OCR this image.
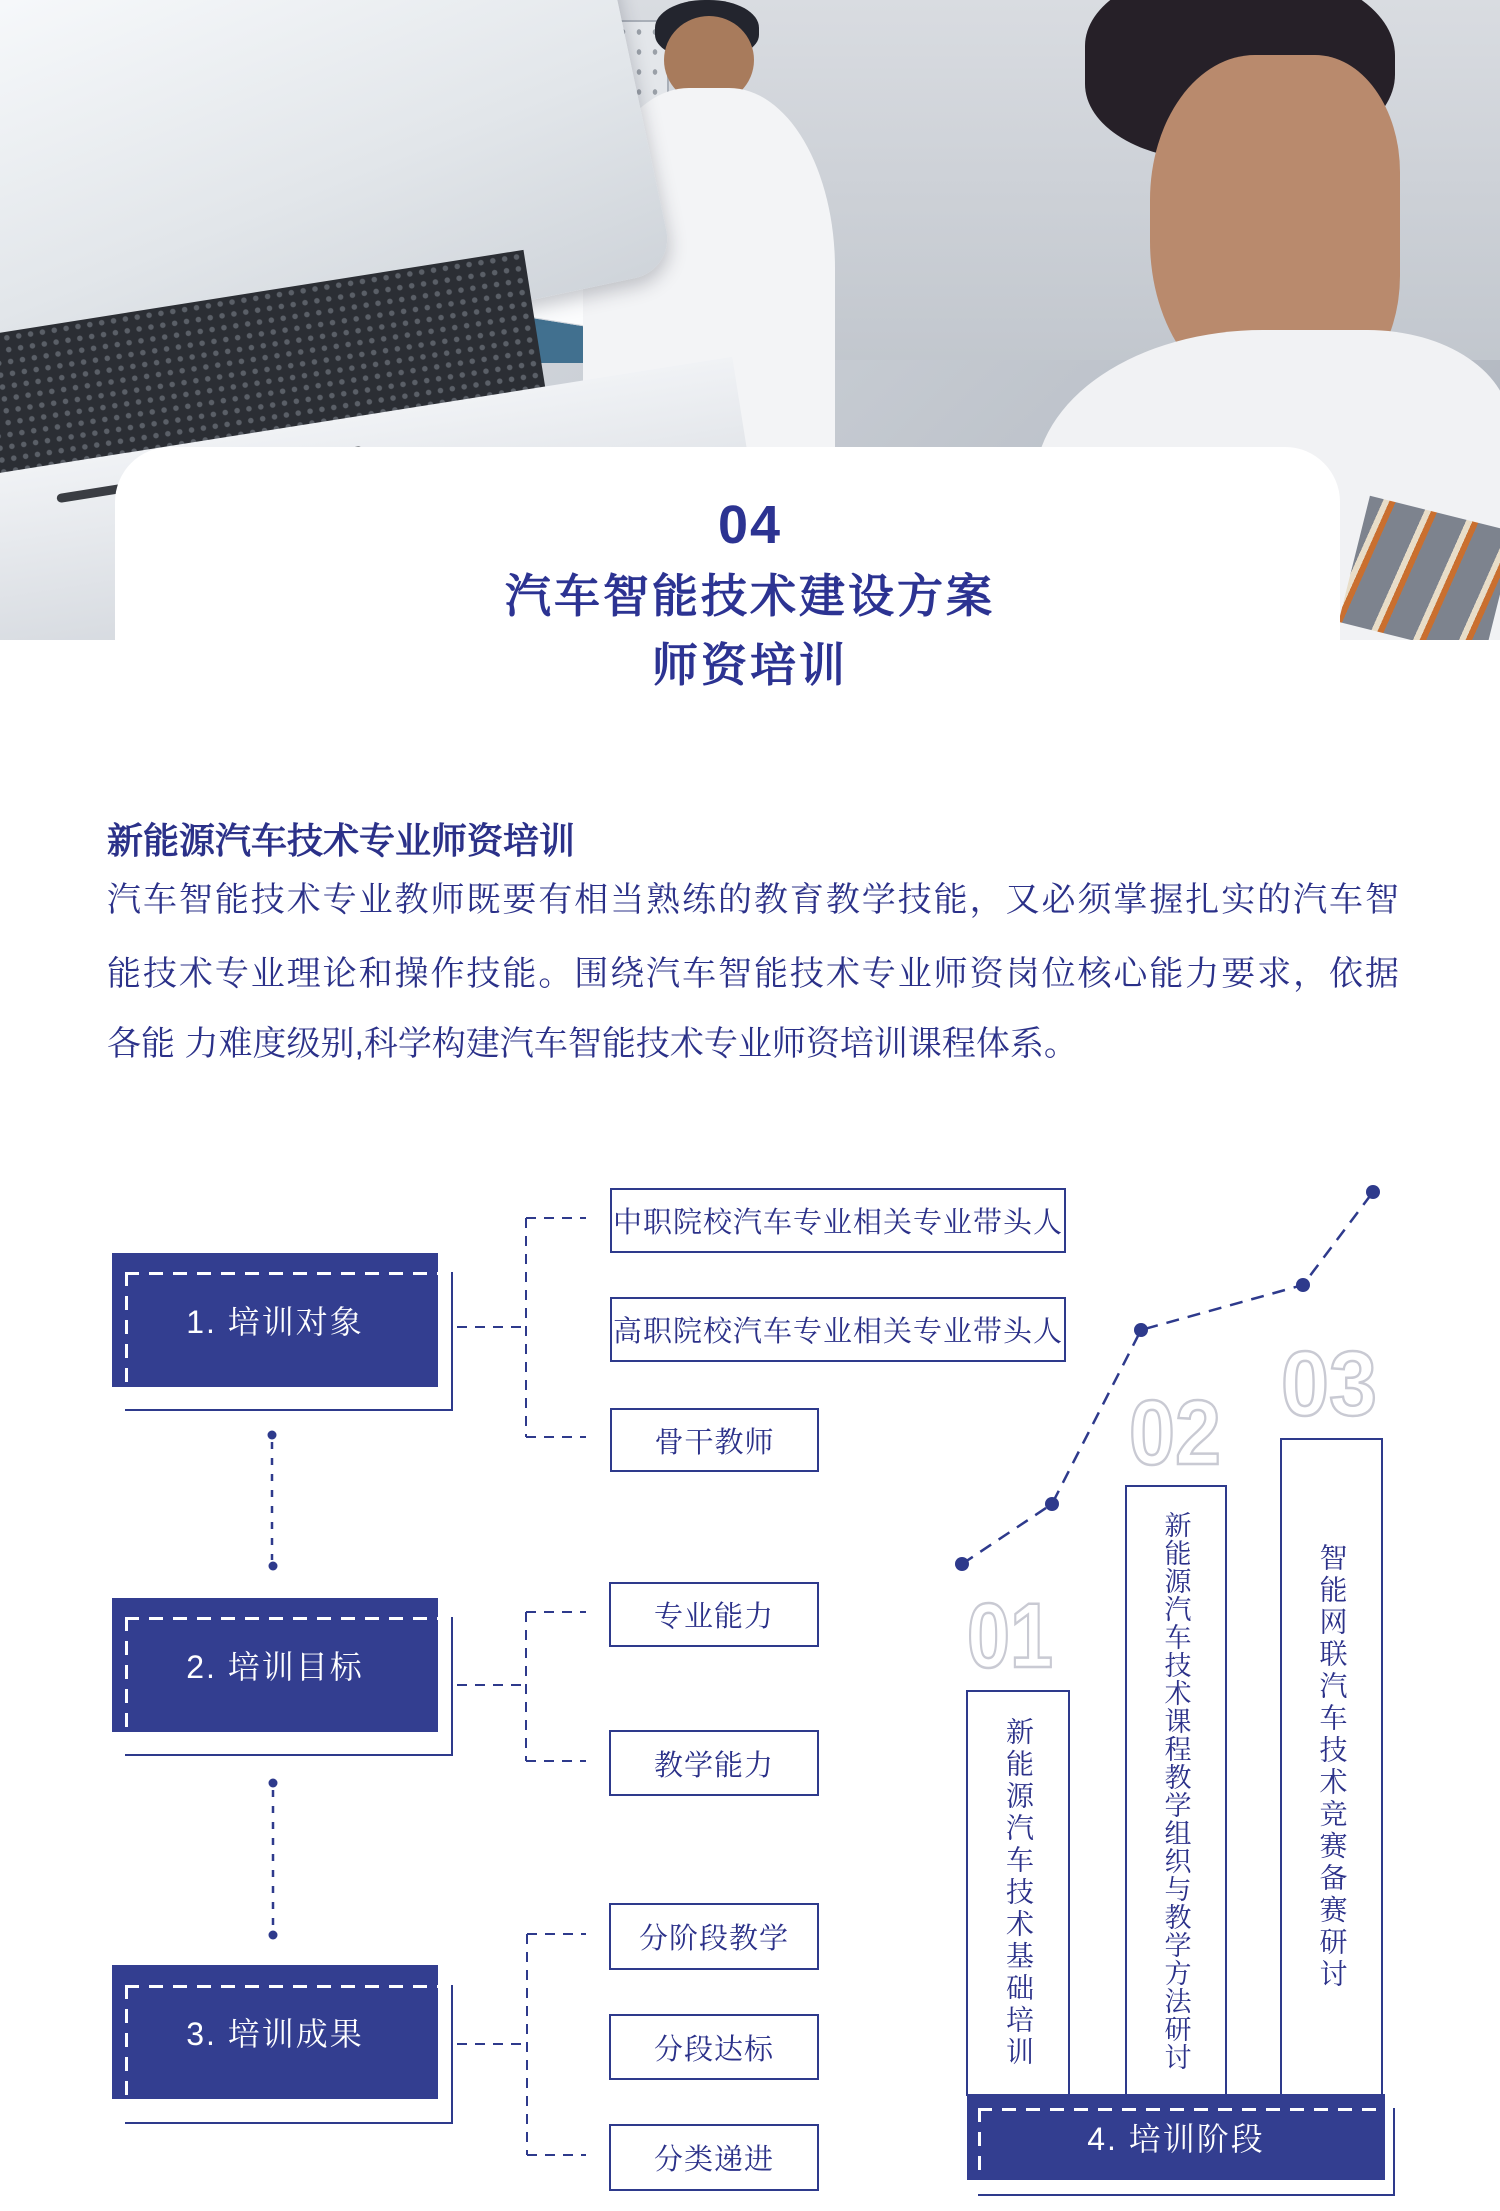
04
汽车智能技术建设方案
师资培训
新能源汽车技术专业师资培训
汽车智能技术专业教师既要有相当熟练的教育教学技能，又必须掌握扎实的汽车智
能技术专业理论和操作技能。围绕汽车智能技术专业师资岗位核心能力要求，依据
各能 力难度级别,科学构建汽车智能技术专业师资培训课程体系。
1. 培训对象
中职院校汽车专业相关专业带头人
高职院校汽车专业相关专业带头人
骨干教师
2. 培训目标
专业能力
教学能力
3. 培训成果
分阶段教学
分段达标
分类递进
新能源汽车技术基础培训	新能源汽车技术课程教学组织与教学方法研讨	智能网联汽车技术竞赛备赛研讨
4. 培训阶段
01
02 03
